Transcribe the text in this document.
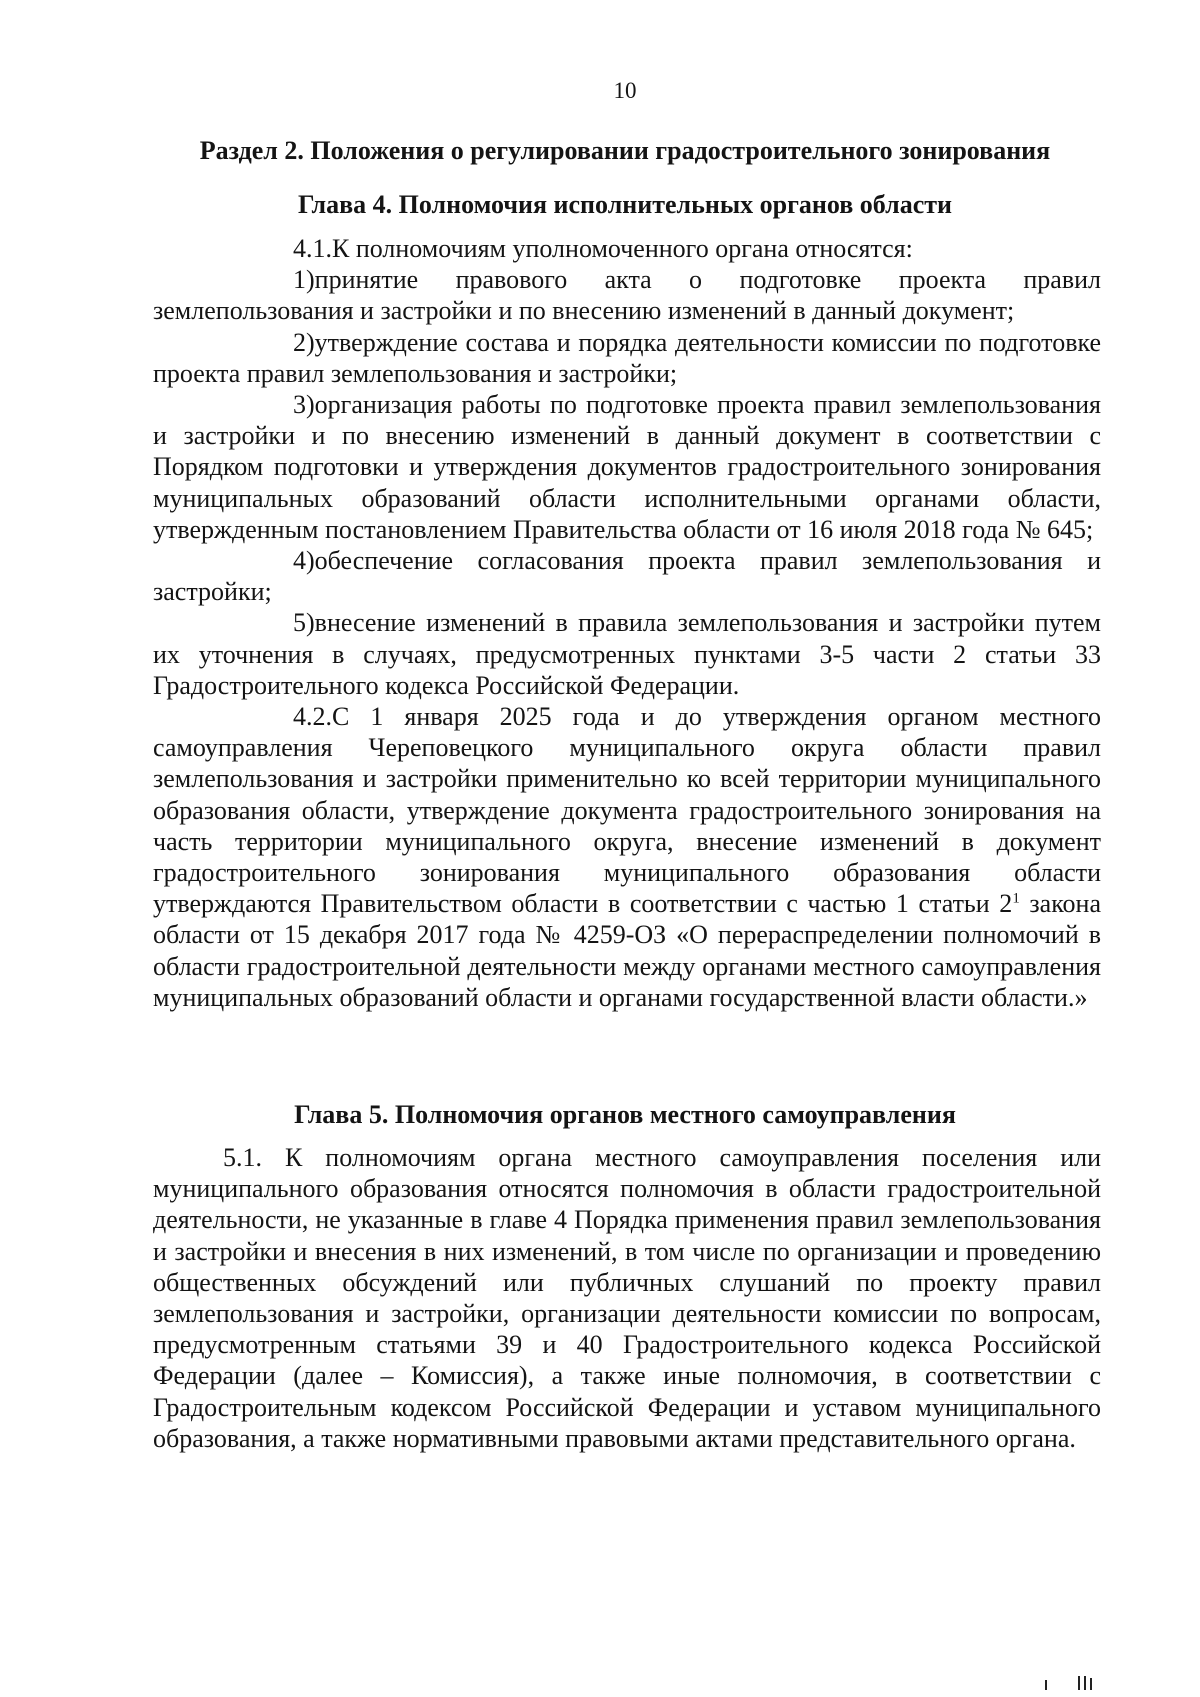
10
Раздел 2. Положения о регулировании градостроительного зонирования
Глава 4. Полномочия исполнительных органов области

4.1.К полномочиям уполномоченного органа относятся:

1)принятие правового акта о подготовке проекта правил землепользования и застройки и по внесению изменений в данный документ;

2)утверждение состава и порядка деятельности комиссии по подготовке проекта правил землепользования и застройки;

3)организация работы по подготовке проекта правил землепользования и застройки и по внесению изменений в данный документ в соответствии с Порядком подготовки и утверждения документов градостроительного зонирования муниципальных образований области исполнительными органами области, утвержденным постановлением Правительства области от 16 июля 2018 года № 645;

4)обеспечение согласования проекта правил землепользования и застройки;

5)внесение изменений в правила землепользования и застройки путем их уточнения в случаях, предусмотренных пунктами 3-5 части 2 статьи 33 Градостроительного кодекса Российской Федерации.

4.2.С 1 января 2025 года и до утверждения органом местного самоуправления Череповецкого муниципального округа области правил землепользования и застройки применительно ко всей территории муниципального образования области, утверждение документа градостроительного зонирования на часть территории муниципального округа, внесение изменений в документ градостроительного зонирования муниципального образования области утверждаются Правительством области в соответствии с частью 1 статьи $2^1$ закона области от 15 декабря 2017 года № 4259-ОЗ «О перераспределении полномочий в области градостроительной деятельности между органами местного самоуправления муниципальных образований области и органами государственной власти области.»

Глава 5. Полномочия органов местного самоуправления

5.1. К полномочиям органа местного самоуправления поселения или муниципального образования относятся полномочия в области градостроительной деятельности, не указанные в главе 4 Порядка применения правил землепользования и застройки и внесения в них изменений, в том числе по организации и проведению общественных обсуждений или публичных слушаний по проекту правил землепользования и застройки, организации деятельности комиссии по вопросам, предусмотренным статьями 39 и 40 Градостроительного кодекса Российской Федерации (далее – Комиссия), а также иные полномочия, в соответствии с Градостроительным кодексом Российской Федерации и уставом муниципального образования, а также нормативными правовыми актами представительного органа.
